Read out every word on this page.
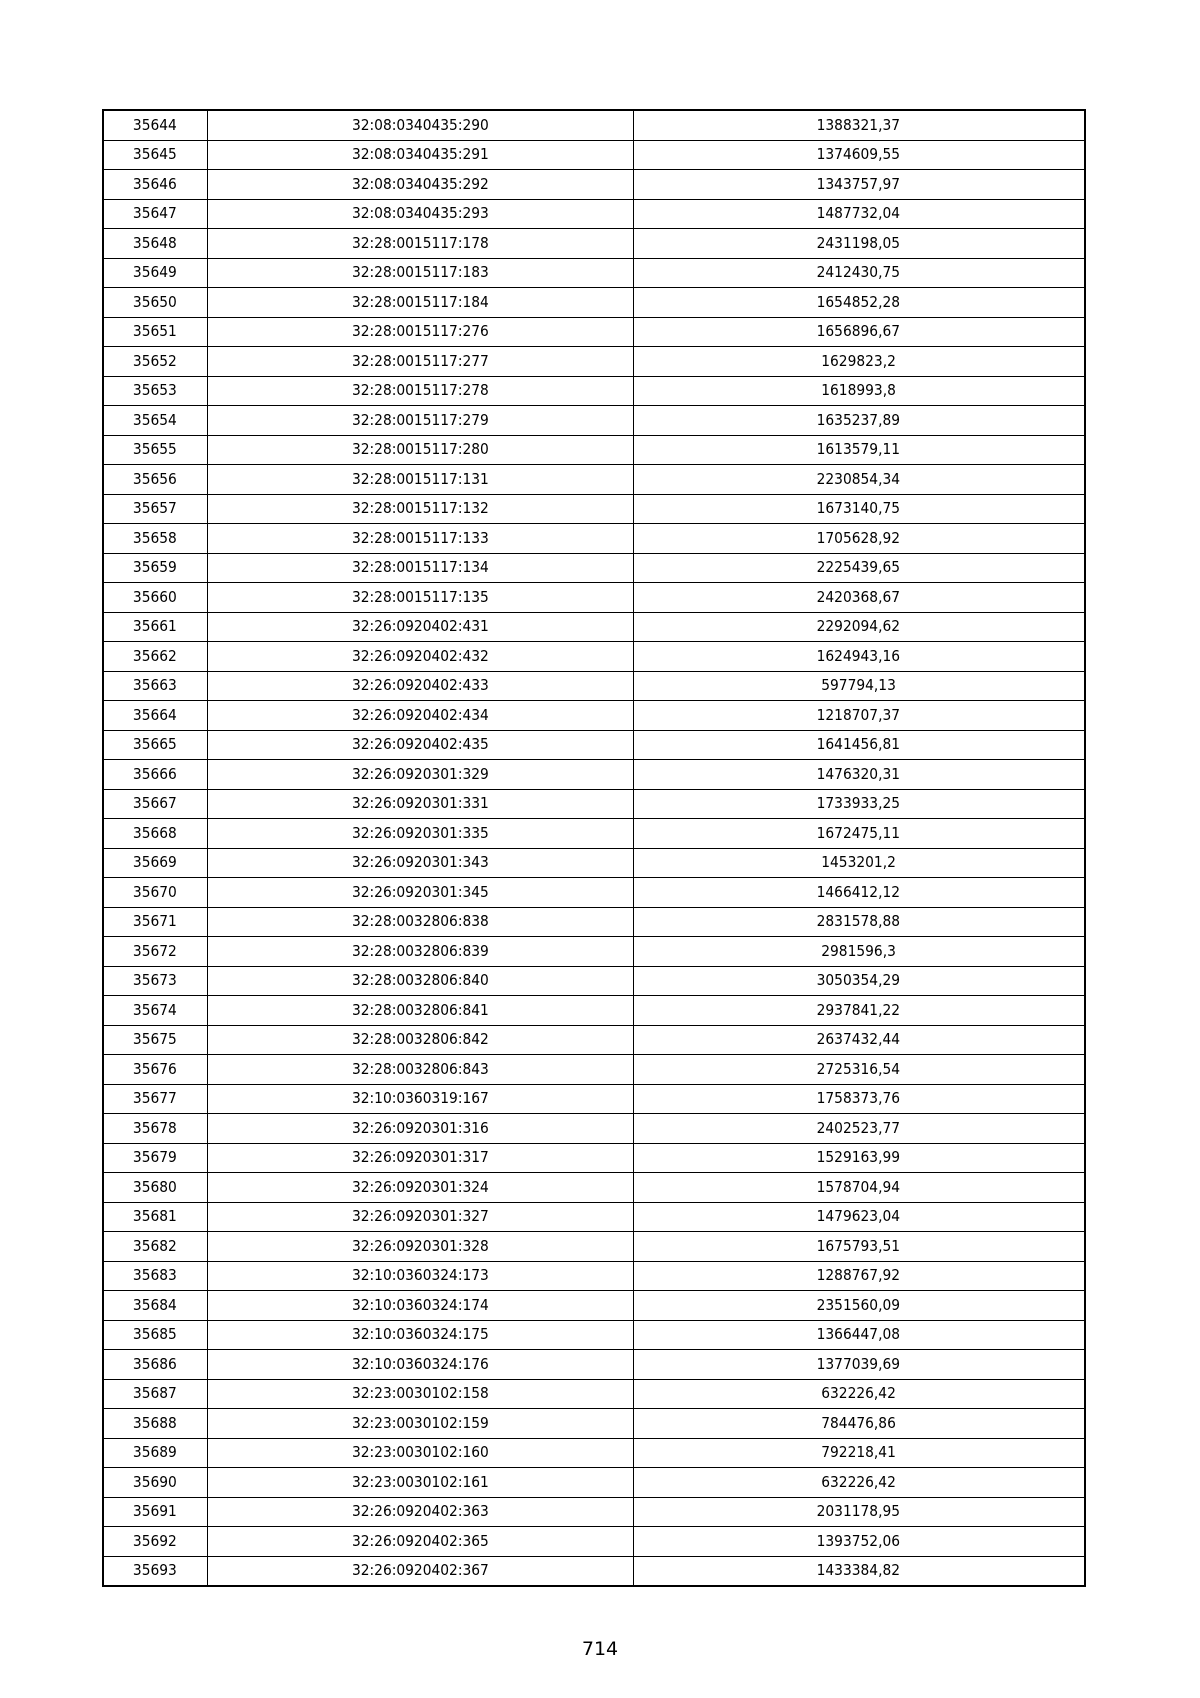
35644	32:08:0340435:290	1388321,37
35645	32:08:0340435:291	1374609,55
35646	32:08:0340435:292	1343757,97
35647	32:08:0340435:293	1487732,04
35648	32:28:0015117:178	2431198,05
35649	32:28:0015117:183	2412430,75
35650	32:28:0015117:184	1654852,28
35651	32:28:0015117:276	1656896,67
35652	32:28:0015117:277	1629823,2
35653	32:28:0015117:278	1618993,8
35654	32:28:0015117:279	1635237,89
35655	32:28:0015117:280	1613579,11
35656	32:28:0015117:131	2230854,34
35657	32:28:0015117:132	1673140,75
35658	32:28:0015117:133	1705628,92
35659	32:28:0015117:134	2225439,65
35660	32:28:0015117:135	2420368,67
35661	32:26:0920402:431	2292094,62
35662	32:26:0920402:432	1624943,16
35663	32:26:0920402:433	597794,13
35664	32:26:0920402:434	1218707,37
35665	32:26:0920402:435	1641456,81
35666	32:26:0920301:329	1476320,31
35667	32:26:0920301:331	1733933,25
35668	32:26:0920301:335	1672475,11
35669	32:26:0920301:343	1453201,2
35670	32:26:0920301:345	1466412,12
35671	32:28:0032806:838	2831578,88
35672	32:28:0032806:839	2981596,3
35673	32:28:0032806:840	3050354,29
35674	32:28:0032806:841	2937841,22
35675	32:28:0032806:842	2637432,44
35676	32:28:0032806:843	2725316,54
35677	32:10:0360319:167	1758373,76
35678	32:26:0920301:316	2402523,77
35679	32:26:0920301:317	1529163,99
35680	32:26:0920301:324	1578704,94
35681	32:26:0920301:327	1479623,04
35682	32:26:0920301:328	1675793,51
35683	32:10:0360324:173	1288767,92
35684	32:10:0360324:174	2351560,09
35685	32:10:0360324:175	1366447,08
35686	32:10:0360324:176	1377039,69
35687	32:23:0030102:158	632226,42
35688	32:23:0030102:159	784476,86
35689	32:23:0030102:160	792218,41
35690	32:23:0030102:161	632226,42
35691	32:26:0920402:363	2031178,95
35692	32:26:0920402:365	1393752,06
35693	32:26:0920402:367	1433384,82
714
